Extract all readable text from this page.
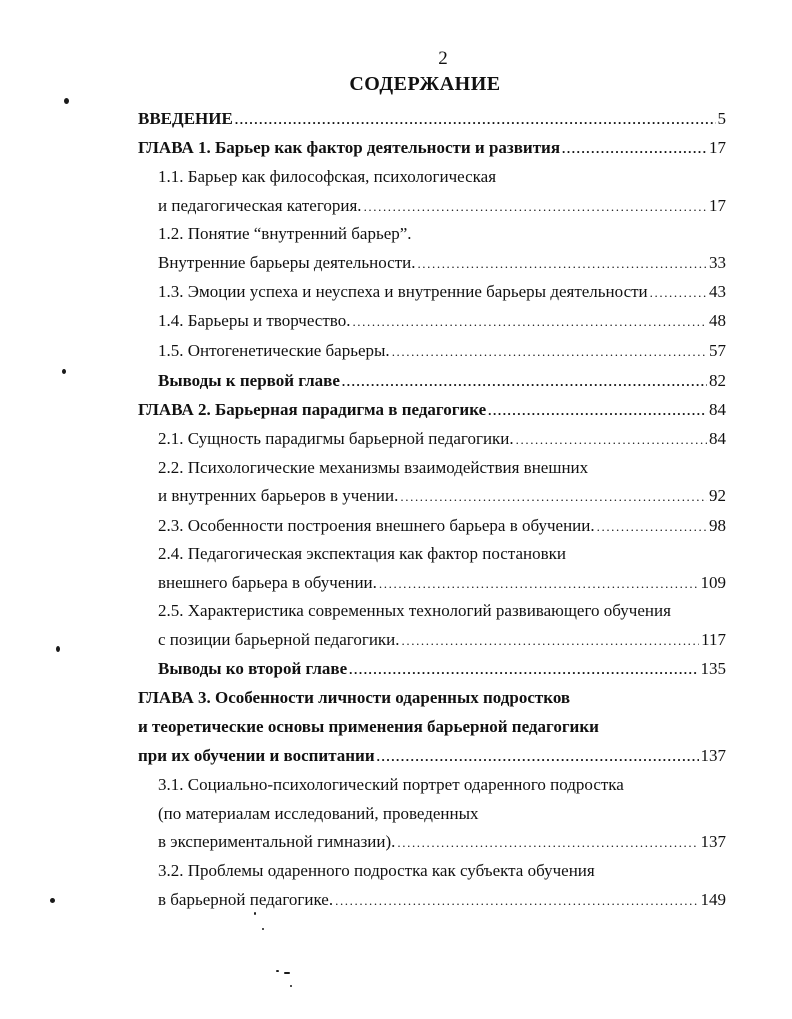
2
СОДЕРЖАНИЕ
ВВЕДЕНИЕ .....	5
ГЛАВА 1. Барьер как фактор деятельности и развития .....	17
1.1. Барьер как философская, психологическая
и педагогическая категория. .....	17
1.2. Понятие “внутренний барьер”.
Внутренние барьеры деятельности. .....	33
1.3. Эмоции успеха и неуспеха и внутренние барьеры деятельности .....	43
1.4. Барьеры и творчество. .....	48
1.5. Онтогенетические барьеры. .....	57
Выводы к первой главе .....	82
ГЛАВА 2. Барьерная парадигма в педагогике .....	84
2.1. Сущность парадигмы барьерной педагогики. .....	84
2.2. Психологические механизмы взаимодействия внешних
и внутренних барьеров в учении. .....	92
2.3. Особенности построения внешнего барьера в обучении. .....	98
2.4. Педагогическая экспектация как фактор постановки
внешнего барьера в обучении. .....	109
2.5. Характеристика современных технологий развивающего обучения
с позиции барьерной педагогики. .....	117
Выводы ко второй главе .....	135
ГЛАВА 3. Особенности личности одаренных подростков
и теоретические основы применения барьерной педагогики
при их обучении и воспитании .....	137
3.1. Социально-психологический портрет одаренного подростка
(по материалам исследований, проведенных
в экспериментальной гимназии). .....	137
3.2. Проблемы одаренного подростка как субъекта обучения
в барьерной педагогике. .....	149
